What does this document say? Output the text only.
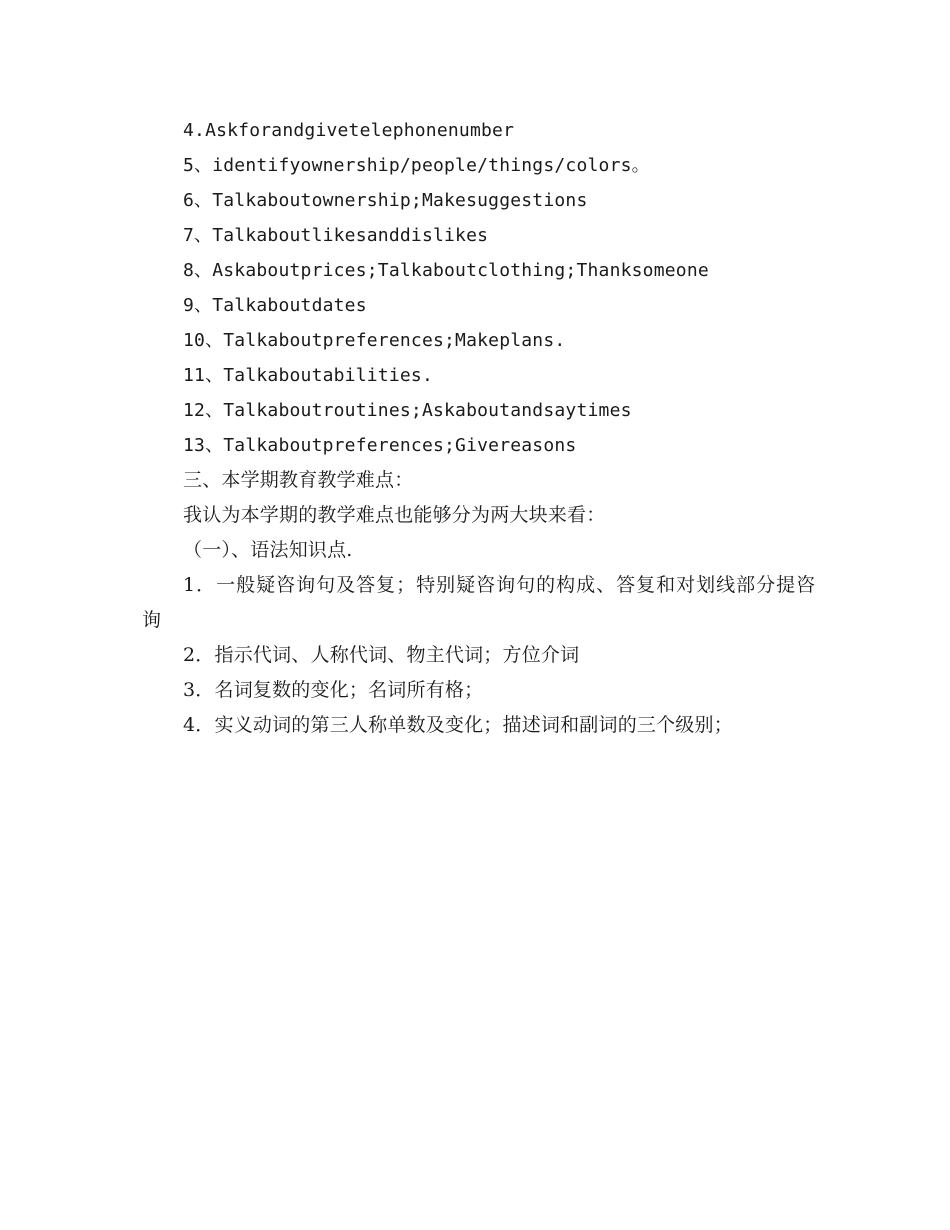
4.Askforandgivetelephonenumber
5、identifyownership/people/things/colors。
6、Talkaboutownership;Makesuggestions
7、Talkaboutlikesanddislikes
8、Askaboutprices;Talkaboutclothing;Thanksomeone
9、Talkaboutdates
10、Talkaboutpreferences;Makeplans.
11、Talkaboutabilities.
12、Talkaboutroutines;Askaboutandsaytimes
13、Talkaboutpreferences;Givereasons
三、本学期教育教学难点：
我认为本学期的教学难点也能够分为两大块来看：
（一）、语法知识点.
1．一般疑咨询句及答复；特别疑咨询句的构成、答复和对划线部分提咨询
2．指示代词、人称代词、物主代词；方位介词
3．名词复数的变化；名词所有格；
4．实义动词的第三人称单数及变化；描述词和副词的三个级别；
